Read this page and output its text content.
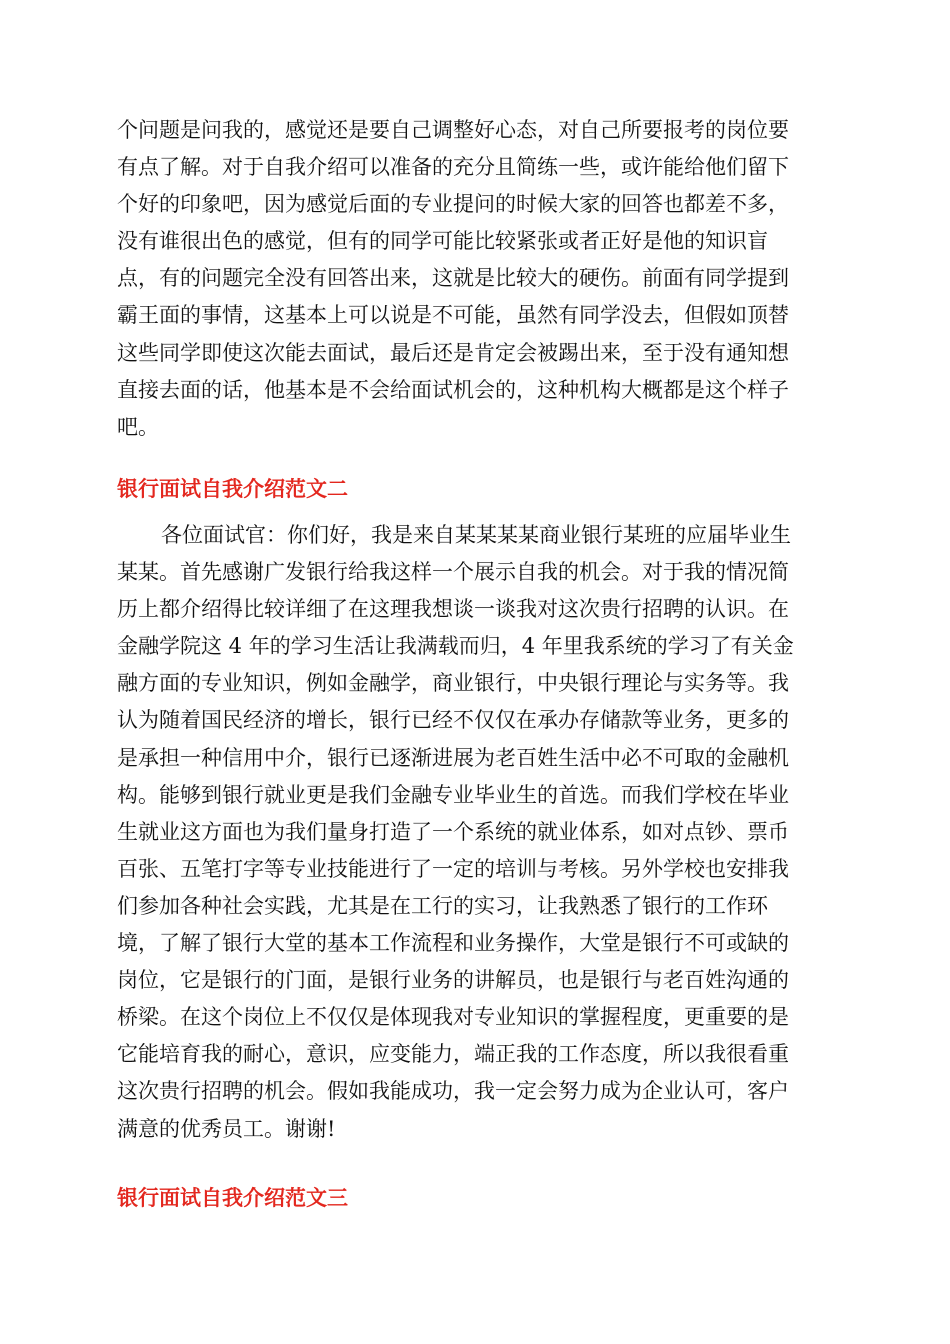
个问题是问我的，感觉还是要自己调整好心态，对自己所要报考的岗位要
有点了解。对于自我介绍可以准备的充分且简练一些，或许能给他们留下
个好的印象吧，因为感觉后面的专业提问的时候大家的回答也都差不多，
没有谁很出色的感觉，但有的同学可能比较紧张或者正好是他的知识盲
点，有的问题完全没有回答出来，这就是比较大的硬伤。前面有同学提到
霸王面的事情，这基本上可以说是不可能，虽然有同学没去，但假如顶替
这些同学即使这次能去面试，最后还是肯定会被踢出来，至于没有通知想
直接去面的话，他基本是不会给面试机会的，这种机构大概都是这个样子
吧。
银行面试自我介绍范文二
各位面试官：你们好，我是来自某某某某商业银行某班的应届毕业生
某某。首先感谢广发银行给我这样一个展示自我的机会。对于我的情况简
历上都介绍得比较详细了在这理我想谈一谈我对这次贵行招聘的认识。在
金融学院这 4 年的学习生活让我满载而归，4 年里我系统的学习了有关金
融方面的专业知识，例如金融学，商业银行，中央银行理论与实务等。我
认为随着国民经济的增长，银行已经不仅仅在承办存储款等业务，更多的
是承担一种信用中介，银行已逐渐进展为老百姓生活中必不可取的金融机
构。能够到银行就业更是我们金融专业毕业生的首选。而我们学校在毕业
生就业这方面也为我们量身打造了一个系统的就业体系，如对点钞、票币
百张、五笔打字等专业技能进行了一定的培训与考核。另外学校也安排我
们参加各种社会实践，尤其是在工行的实习，让我熟悉了银行的工作环
境，了解了银行大堂的基本工作流程和业务操作，大堂是银行不可或缺的
岗位，它是银行的门面，是银行业务的讲解员，也是银行与老百姓沟通的
桥梁。在这个岗位上不仅仅是体现我对专业知识的掌握程度，更重要的是
它能培育我的耐心，意识，应变能力，端正我的工作态度，所以我很看重
这次贵行招聘的机会。假如我能成功，我一定会努力成为企业认可，客户
满意的优秀员工。谢谢!
银行面试自我介绍范文三
